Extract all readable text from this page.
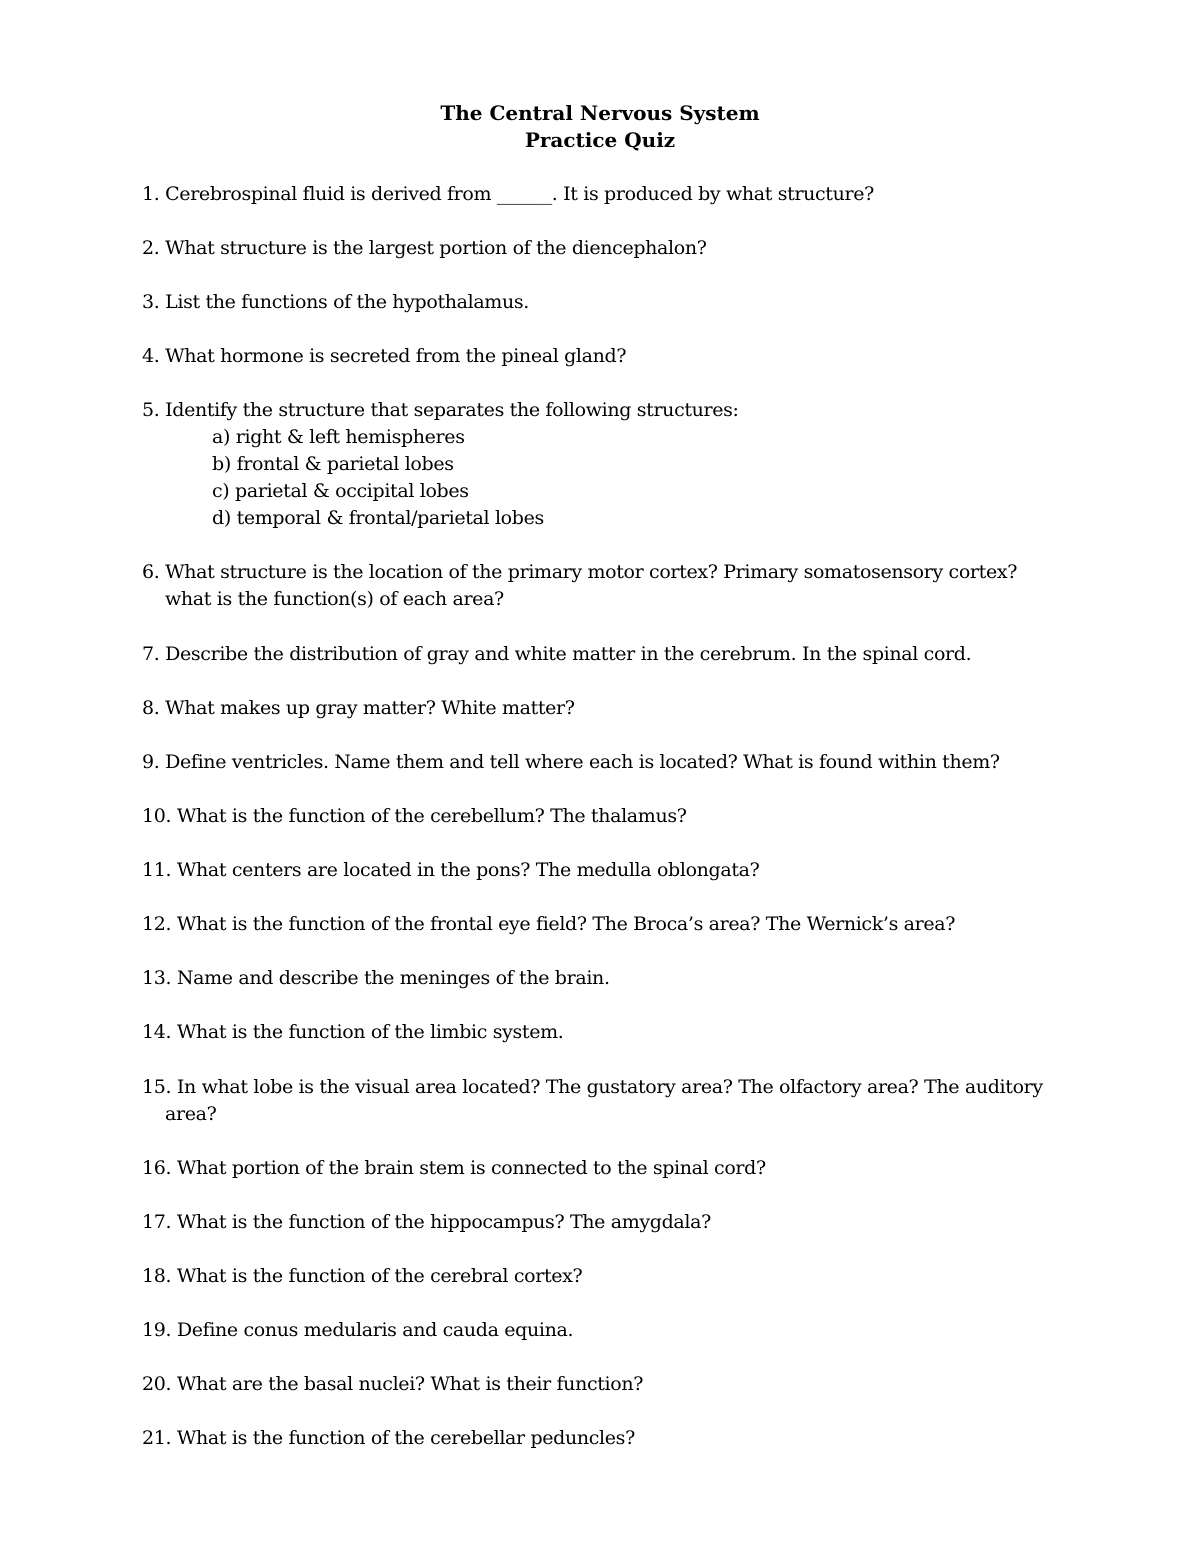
The Central Nervous System
Practice Quiz
1. Cerebrospinal fluid is derived from ______. It is produced by what structure?
2. What structure is the largest portion of the diencephalon?
3. List the functions of the hypothalamus.
4. What hormone is secreted from the pineal gland?
5. Identify the structure that separates the following structures:
a) right & left hemispheres
b) frontal & parietal lobes
c) parietal & occipital lobes
d) temporal & frontal/parietal lobes
6. What structure is the location of the primary motor cortex? Primary somatosensory cortex?
what is the function(s) of each area?
7. Describe the distribution of gray and white matter in the cerebrum. In the spinal cord.
8. What makes up gray matter? White matter?
9. Define ventricles. Name them and tell where each is located? What is found within them?
10. What is the function of the cerebellum? The thalamus?
11. What centers are located in the pons? The medulla oblongata?
12. What is the function of the frontal eye field? The Broca’s area? The Wernick’s area?
13. Name and describe the meninges of the brain.
14. What is the function of the limbic system.
15. In what lobe is the visual area located? The gustatory area? The olfactory area? The auditory
area?
16. What portion of the brain stem is connected to the spinal cord?
17. What is the function of the hippocampus? The amygdala?
18. What is the function of the cerebral cortex?
19. Define conus medularis and cauda equina.
20. What are the basal nuclei? What is their function?
21. What is the function of the cerebellar peduncles?
